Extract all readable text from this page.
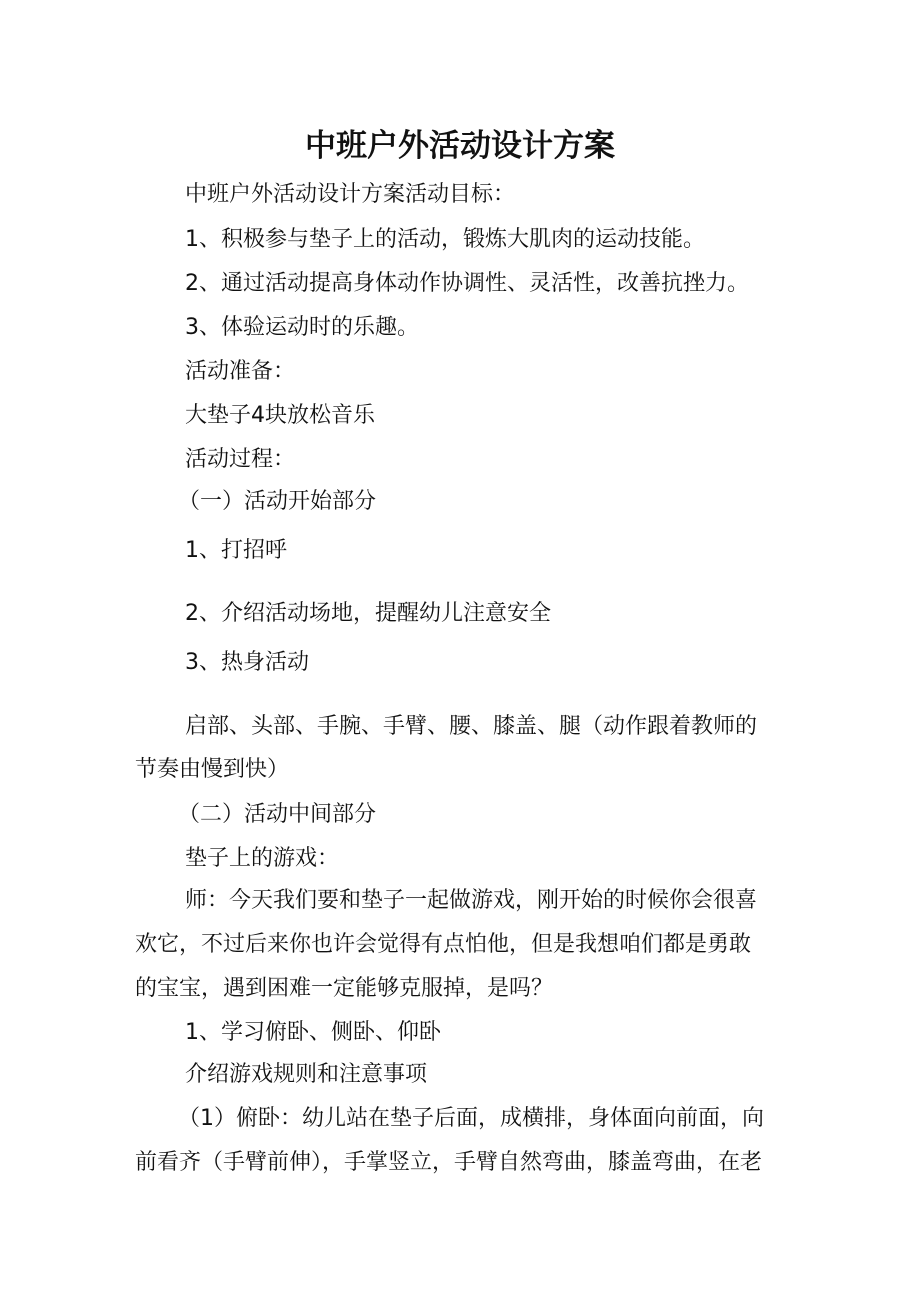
中班户外活动设计方案
中班户外活动设计方案活动目标：
1、积极参与垫子上的活动，锻炼大肌肉的运动技能。
2、通过活动提高身体动作协调性、灵活性，改善抗挫力。
3、体验运动时的乐趣。
活动准备：
大垫子4块放松音乐
活动过程：
（一）活动开始部分
1、打招呼
2、介绍活动场地，提醒幼儿注意安全
3、热身活动
启部、头部、手腕、手臂、腰、膝盖、腿（动作跟着教师的
节奏由慢到快）
（二）活动中间部分
垫子上的游戏：
师：今天我们要和垫子一起做游戏，刚开始的时候你会很喜
欢它，不过后来你也许会觉得有点怕他，但是我想咱们都是勇敢
的宝宝，遇到困难一定能够克服掉，是吗？
1、学习俯卧、侧卧、仰卧
介绍游戏规则和注意事项
（1）俯卧：幼儿站在垫子后面，成横排，身体面向前面，向
前看齐（手臂前伸），手掌竖立，手臂自然弯曲，膝盖弯曲，在老
